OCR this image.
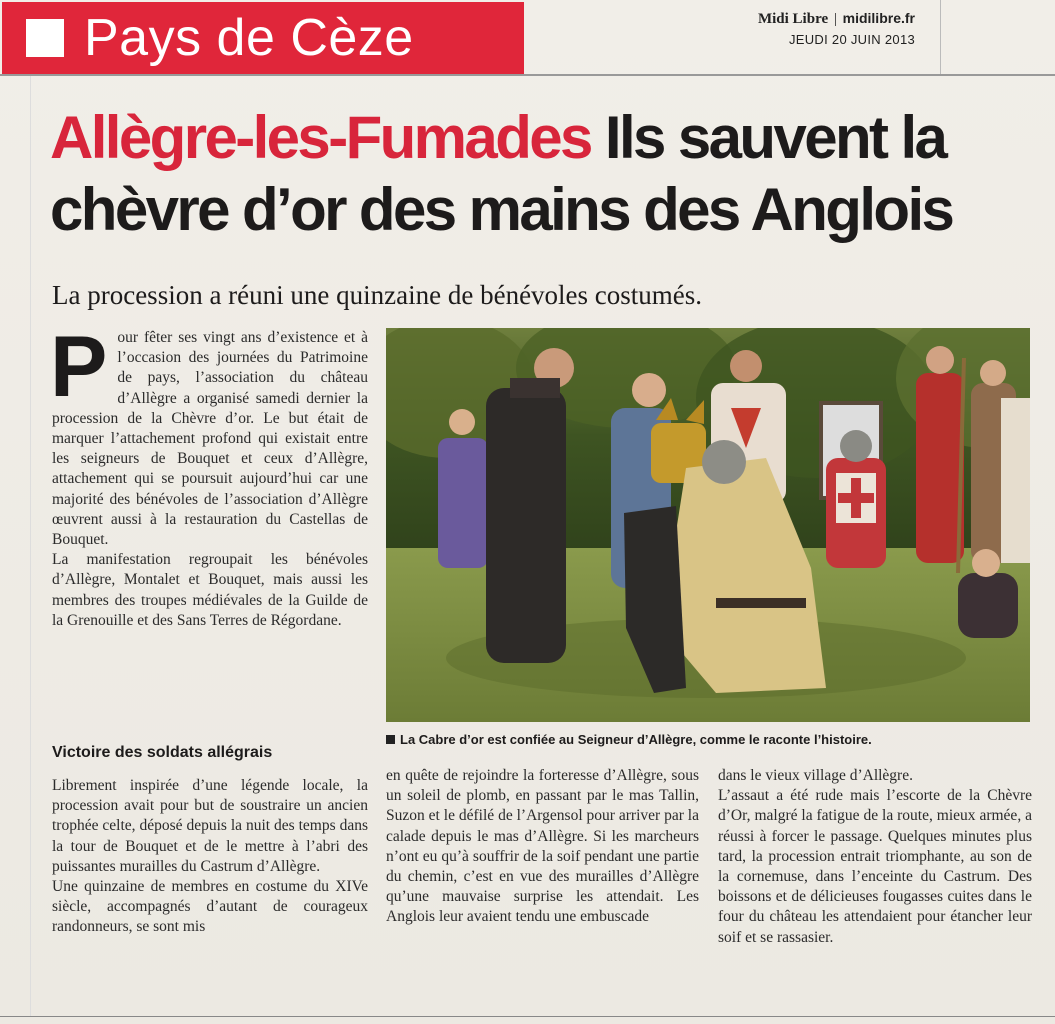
Pays de Cèze	Midi Libre | midilibre.fr
JEUDI 20 JUIN 2013
Allègre-les-Fumades Ils sauvent la chèvre d’or des mains des Anglois
La procession a réuni une quinzaine de bénévoles costumés.
P our fêter ses vingt ans d’existence et à l’occasion des journées du Patrimoine de pays, l’association du château d’Allègre a organisé samedi dernier la procession de la Chèvre d’or. Le but était de marquer l’attachement profond qui existait entre les seigneurs de Bouquet et ceux d’Allègre, attachement qui se poursuit aujourd’hui car une majorité des bénévoles de l’association d’Allègre œuvrent aussi à la restauration du Castellas de Bouquet.

La manifestation regroupait les bénévoles d’Allègre, Montalet et Bouquet, mais aussi les membres des troupes médiévales de la Guilde de la Grenouille et des Sans Terres de Régordane.

Victoire des soldats allégrais

Librement inspirée d’une légende locale, la procession avait pour but de soustraire un ancien trophée celte, déposé depuis la nuit des temps dans la tour de Bouquet et de le mettre à l’abri des puissantes murailles du Castrum d’Allègre.

Une quinzaine de membres en costume du XIVe siècle, accompagnés d’autant de courageux randonneurs, se sont mis

en quête de rejoindre la forteresse d’Allègre, sous un soleil de plomb, en passant par le mas Tallin, Suzon et le défilé de l’Argensol pour arriver par la calade depuis le mas d’Allègre. Si les marcheurs n’ont eu qu’à souffrir de la soif pendant une partie du chemin, c’est en vue des murailles d’Allègre qu’une mauvaise surprise les attendait. Les Anglois leur avaient tendu une embuscade

dans le vieux village d’Allègre.

L’assaut a été rude mais l’escorte de la Chèvre d’Or, malgré la fatigue de la route, mieux armée, a réussi à forcer le passage. Quelques minutes plus tard, la procession entrait triomphante, au son de la cornemuse, dans l’enceinte du Castrum. Des boissons et de délicieuses fougasses cuites dans le four du château les attendaient pour étancher leur soif et se rassasier.

La Cabre d’or est confiée au Seigneur d’Allègre, comme le raconte l’histoire.
